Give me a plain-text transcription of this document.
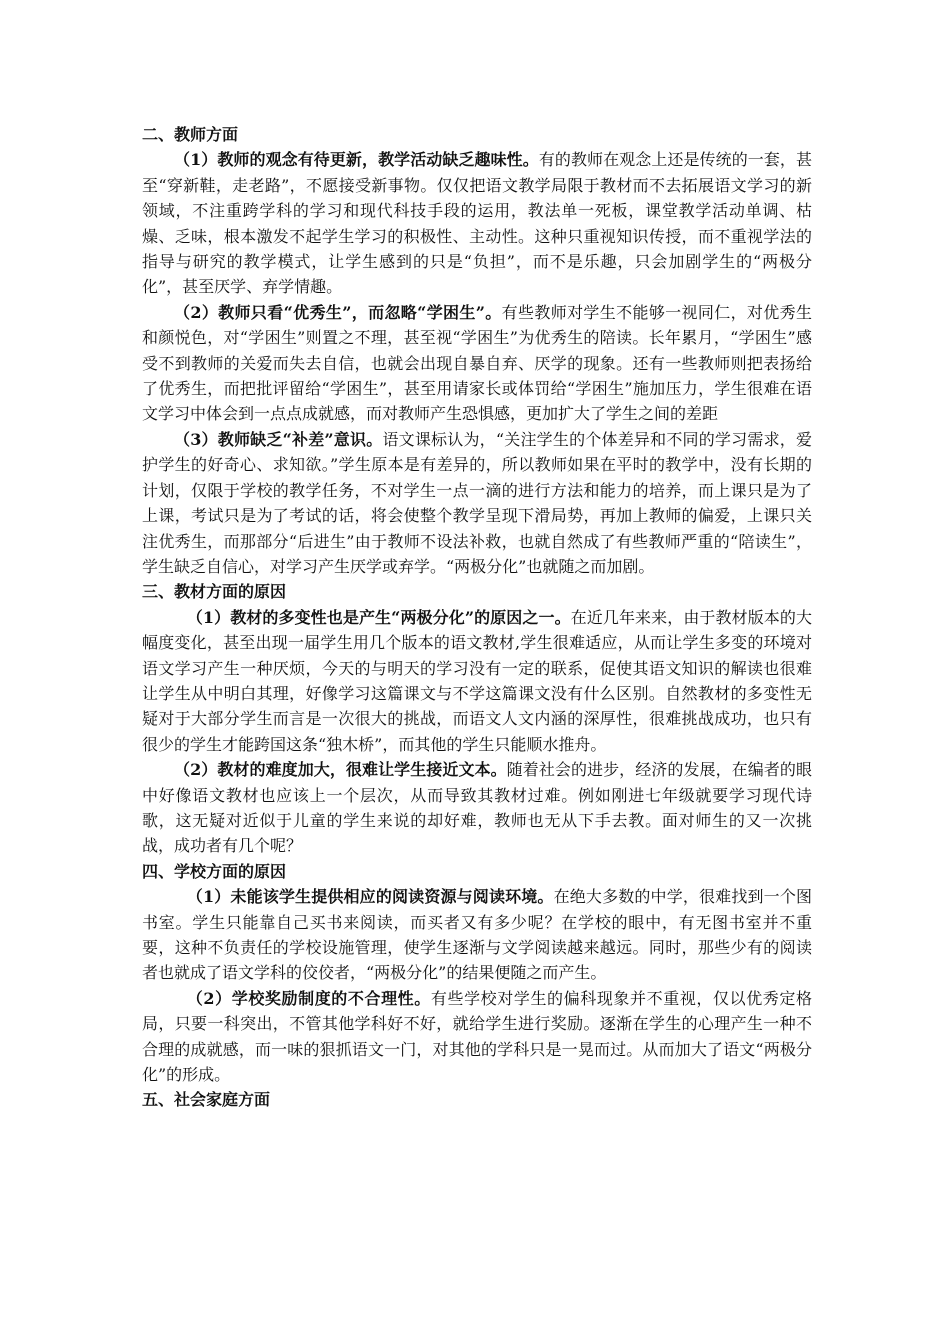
二、教师方面

（1）教师的观念有待更新，教学活动缺乏趣味性。有的教师在观念上还是传统的一套，甚至“穿新鞋，走老路”，不愿接受新事物。仅仅把语文教学局限于教材而不去拓展语文学习的新领域，不注重跨学科的学习和现代科技手段的运用，教法单一死板，课堂教学活动单调、枯燥、乏味，根本激发不起学生学习的积极性、主动性。这种只重视知识传授，而不重视学法的指导与研究的教学模式，让学生感到的只是“负担”，而不是乐趣，只会加剧学生的“两极分化”，甚至厌学、弃学情趣。

（2）教师只看“优秀生”，而忽略“学困生”。有些教师对学生不能够一视同仁，对优秀生和颜悦色，对“学困生”则置之不理，甚至视“学困生”为优秀生的陪读。长年累月，“学困生”感受不到教师的关爱而失去自信，也就会出现自暴自弃、厌学的现象。还有一些教师则把表扬给了优秀生，而把批评留给“学困生”，甚至用请家长或体罚给“学困生”施加压力，学生很难在语文学习中体会到一点点成就感，而对教师产生恐惧感，更加扩大了学生之间的差距

（3）教师缺乏“补差”意识。语文课标认为，“关注学生的个体差异和不同的学习需求，爱护学生的好奇心、求知欲。”学生原本是有差异的，所以教师如果在平时的教学中，没有长期的计划，仅限于学校的教学任务，不对学生一点一滴的进行方法和能力的培养，而上课只是为了上课，考试只是为了考试的话，将会使整个教学呈现下滑局势，再加上教师的偏爱，上课只关注优秀生，而那部分“后进生”由于教师不设法补救，也就自然成了有些教师严重的“陪读生”，学生缺乏自信心，对学习产生厌学或弃学。“两极分化”也就随之而加剧。

三、教材方面的原因

（1）教材的多变性也是产生“两极分化”的原因之一。在近几年来来，由于教材版本的大幅度变化，甚至出现一届学生用几个版本的语文教材,学生很难适应，从而让学生多变的环境对语文学习产生一种厌烦，今天的与明天的学习没有一定的联系，促使其语文知识的解读也很难让学生从中明白其理，好像学习这篇课文与不学这篇课文没有什么区别。自然教材的多变性无疑对于大部分学生而言是一次很大的挑战，而语文人文内涵的深厚性，很难挑战成功，也只有很少的学生才能跨国这条“独木桥”，而其他的学生只能顺水推舟。

（2）教材的难度加大，很难让学生接近文本。随着社会的进步，经济的发展，在编者的眼中好像语文教材也应该上一个层次，从而导致其教材过难。例如刚进七年级就要学习现代诗歌，这无疑对近似于儿童的学生来说的却好难，教师也无从下手去教。面对师生的又一次挑战，成功者有几个呢？

四、学校方面的原因

（1）未能该学生提供相应的阅读资源与阅读环境。在绝大多数的中学，很难找到一个图书室。学生只能靠自己买书来阅读，而买者又有多少呢？在学校的眼中，有无图书室并不重要，这种不负责任的学校设施管理，使学生逐渐与文学阅读越来越远。同时，那些少有的阅读者也就成了语文学科的佼佼者，“两极分化”的结果便随之而产生。

（2）学校奖励制度的不合理性。有些学校对学生的偏科现象并不重视，仅以优秀定格局，只要一科突出，不管其他学科好不好，就给学生进行奖励。逐渐在学生的心理产生一种不合理的成就感，而一味的狠抓语文一门，对其他的学科只是一晃而过。从而加大了语文“两极分化”的形成。

五、社会家庭方面
